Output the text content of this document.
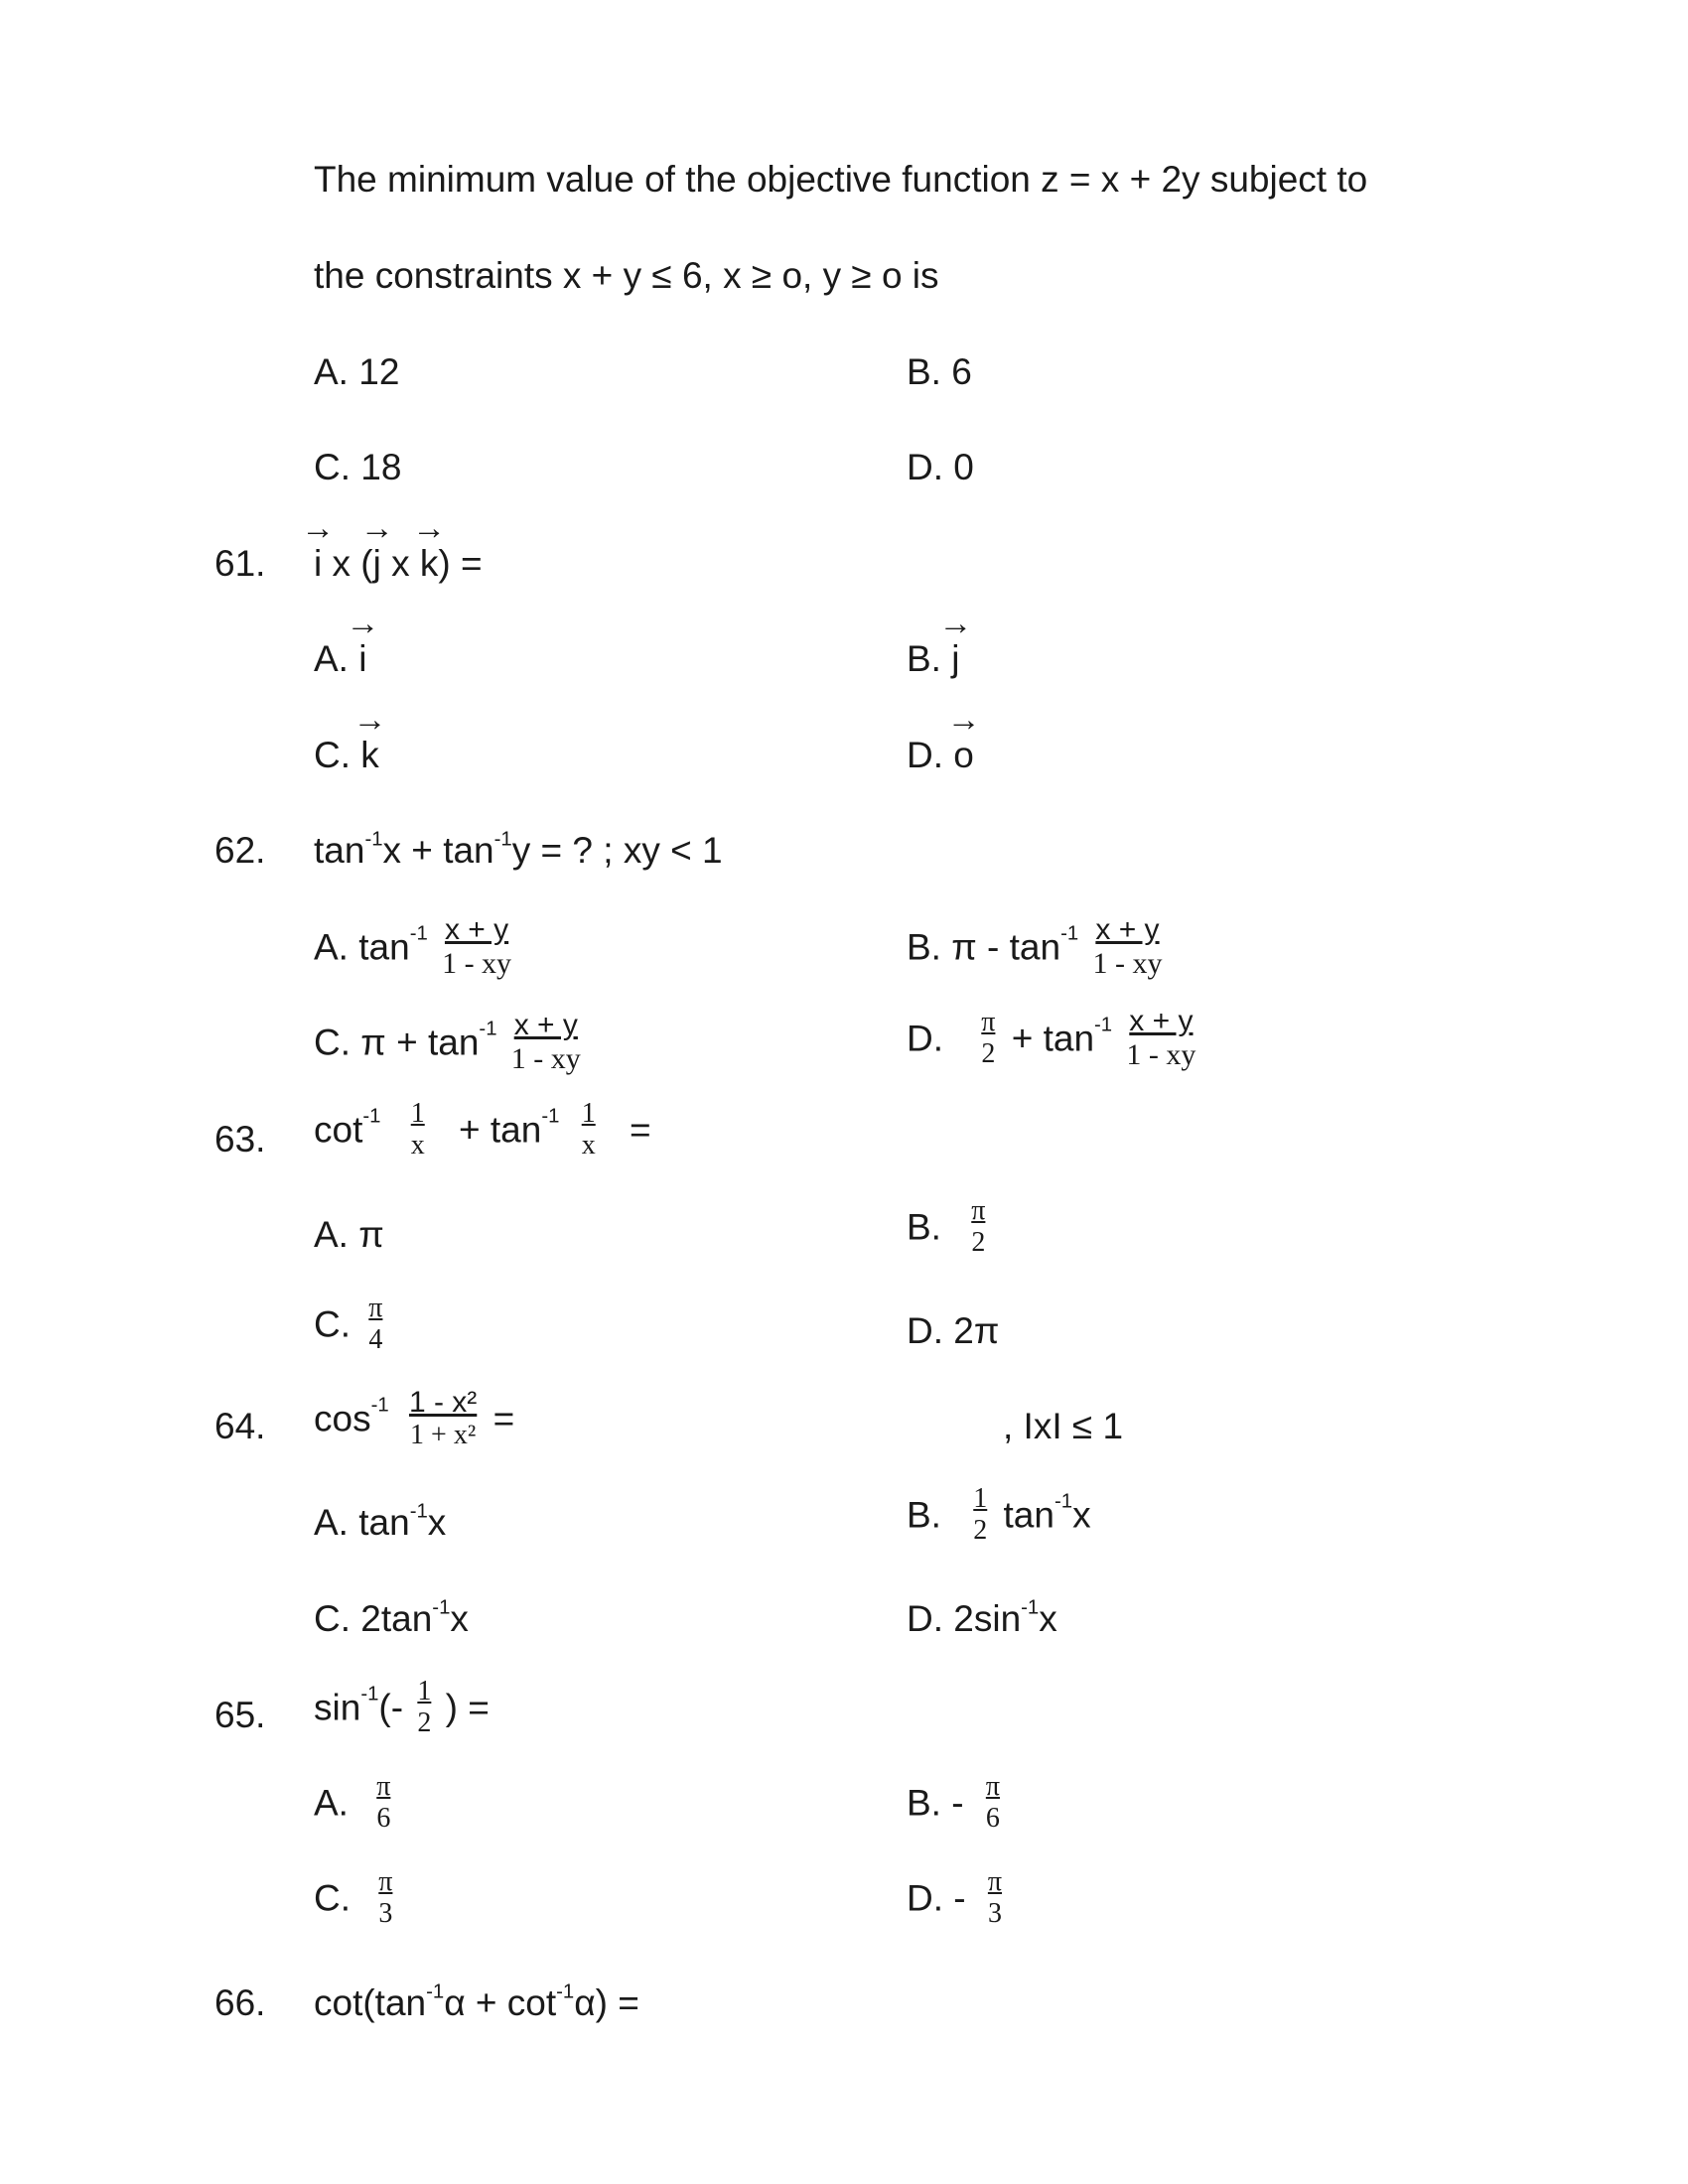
The minimum value of the objective function z = x + 2y subject to
the constraints x + y ≤ 6, x ≥ o, y ≥ o is
A. 12	B. 6
C. 18	D. 0
61.
→
i x (
→
j x
→
k) =
A.
→
i	B.
→
j
C.
→
k	D.
→
o
62. $\tan^{-1}x + \tan^{-1}y$ = ? ; xy < 1
A. $\tan^{-1} \frac{x + y}{1 - xy}$	B. π - $\tan^{-1} \frac{x + y}{1 - xy}$
C. $\pi + \tan^{-1} \frac{x + y}{1 - xy}$	D. $\frac{\pi}{2} + \tan^{-1} \frac{x + y}{1 - xy}$
63. $\cot^{-1} \frac{1}{x} + \tan^{-1} \frac{1}{x}$ =
A. π	B. $\frac{\pi}{2}$
C. $\frac{\pi}{4}$	D. 2π
64. $\cos^{-1} \frac{\text{1 - x²}}{\text{1 + x²}}$ =	, IxI ≤ 1
A. $\tan^{-1}x$	B. $\frac{1}{2} \tan^{-1}x$
C. $2\tan^{-1}x$	D. $2\sin^{-1}x$
65. $\sin^{-1}(- \frac{1}{2}$ ) =
A. $\frac{\pi}{6}$	B. - $\frac{\pi}{6}$
C. $\frac{\pi}{3}$	D. - $\frac{\pi}{3}$
66. $\cot(\tan^{-1}\alpha + \cot^{-1}\alpha)$ =
